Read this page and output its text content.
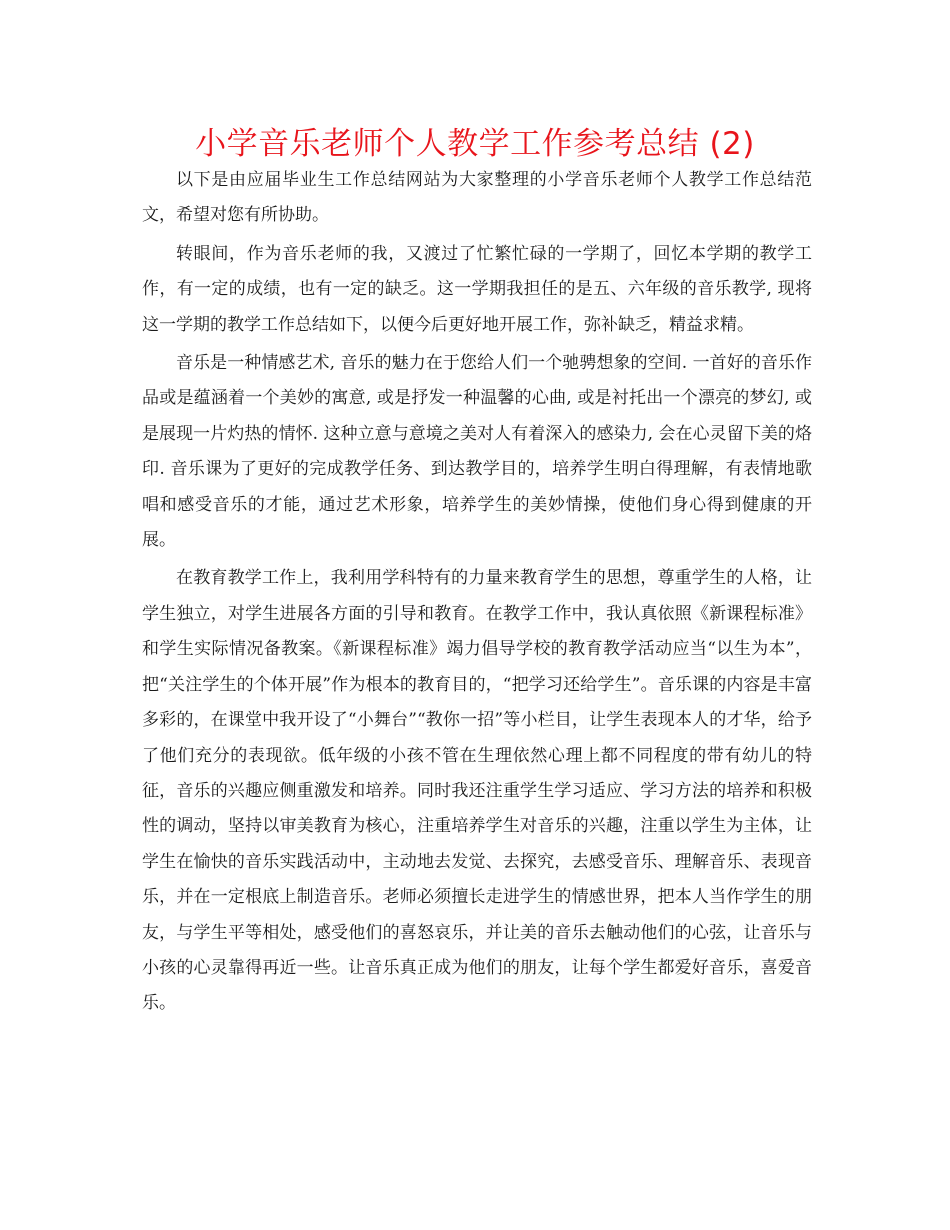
小学音乐老师个人教学工作参考总结 (2)

以下是由应届毕业生工作总结网站为大家整理的小学音乐老师个人教学工作总结范文，希望对您有所协助。

转眼间，作为音乐老师的我，又渡过了忙繁忙碌的一学期了，回忆本学期的教学工作，有一定的成绩，也有一定的缺乏。这一学期我担任的是五、六年级的音乐教学, 现将这一学期的教学工作总结如下，以便今后更好地开展工作，弥补缺乏，精益求精。

音乐是一种情感艺术, 音乐的魅力在于您给人们一个驰骋想象的空间. 一首好的音乐作品或是蕴涵着一个美妙的寓意, 或是抒发一种温馨的心曲, 或是衬托出一个漂亮的梦幻, 或是展现一片灼热的情怀. 这种立意与意境之美对人有着深入的感染力, 会在心灵留下美的烙印. 音乐课为了更好的完成教学任务、到达教学目的，培养学生明白得理解，有表情地歌唱和感受音乐的才能，通过艺术形象，培养学生的美妙情操，使他们身心得到健康的开展。

在教育教学工作上，我利用学科特有的力量来教育学生的思想，尊重学生的人格，让学生独立，对学生进展各方面的引导和教育。在教学工作中，我认真依照《新课程标准》和学生实际情况备教案。《新课程标准》竭力倡导学校的教育教学活动应当“以生为本”，把“关注学生的个体开展”作为根本的教育目的，“把学习还给学生”。音乐课的内容是丰富多彩的，在课堂中我开设了“小舞台”“教你一招”等小栏目，让学生表现本人的才华，给予了他们充分的表现欲。低年级的小孩不管在生理依然心理上都不同程度的带有幼儿的特征，音乐的兴趣应侧重激发和培养。同时我还注重学生学习适应、学习方法的培养和积极性的调动，坚持以审美教育为核心，注重培养学生对音乐的兴趣，注重以学生为主体，让学生在愉快的音乐实践活动中，主动地去发觉、去探究，去感受音乐、理解音乐、表现音乐，并在一定根底上制造音乐。老师必须擅长走进学生的情感世界，把本人当作学生的朋友，与学生平等相处，感受他们的喜怒哀乐，并让美的音乐去触动他们的心弦，让音乐与小孩的心灵靠得再近一些。让音乐真正成为他们的朋友，让每个学生都爱好音乐，喜爱音乐。
